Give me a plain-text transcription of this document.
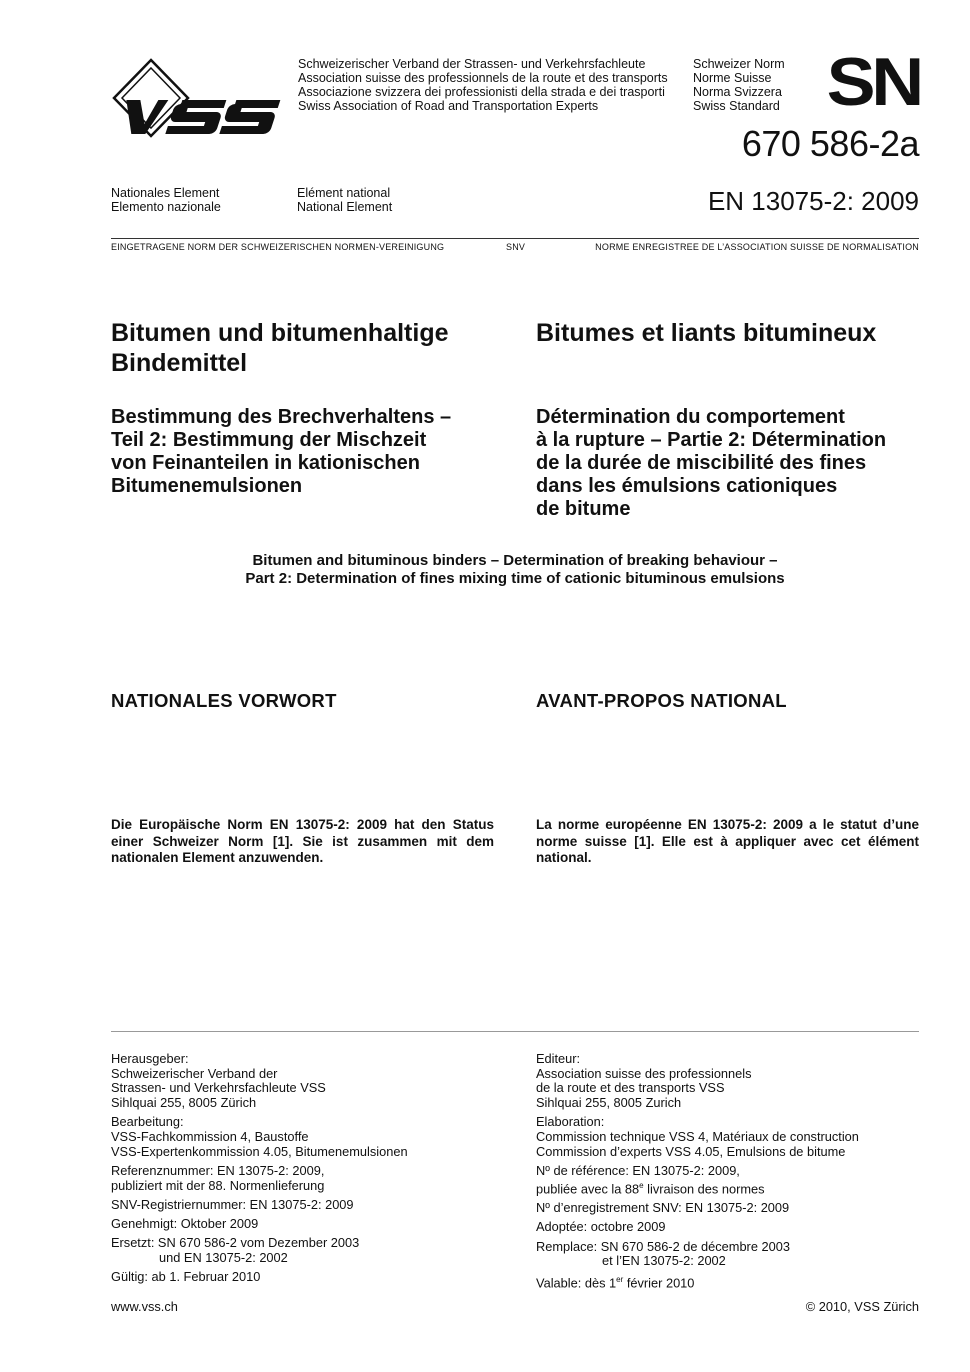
Schweizerischer Verband der Strassen- und Verkehrsfachleute
Association suisse des professionnels de la route et des transports
Associazione svizzera dei professionisti della strada e dei trasporti
Swiss Association of Road and Transportation Experts
Schweizer Norm
Norme Suisse
Norma Svizzera
Swiss Standard SN
670 586-2a
EN 13075-2: 2009
Nationales Element
Elemento nazionale
Elément national
National Element
EINGETRAGENE NORM DER SCHWEIZERISCHEN NORMEN-VEREINIGUNG	SNV	NORME ENREGISTREE DE L’ASSOCIATION SUISSE DE NORMALISATION
Bitumen und bitumenhaltige
Bindemittel
Bestimmung des Brechverhaltens –
Teil 2: Bestimmung der Mischzeit
von Feinanteilen in kationischen
Bitumenemulsionen
Bitumes et liants bitumineux
Détermination du comportement
à la rupture – Partie 2: Détermination
de la durée de miscibilité des fines
dans les émulsions cationiques
de bitume
Bitumen and bituminous binders – Determination of breaking behaviour –
Part 2: Determination of fines mixing time of cationic bituminous emulsions
NATIONALES VORWORT	AVANT-PROPOS NATIONAL
Die Europäische Norm EN 13075-2: 2009 hat den Status einer Schweizer Norm [1]. Sie ist zusammen mit dem nationalen Element anzuwenden.
La norme européenne EN 13075-2: 2009 a le statut d’une norme suisse [1]. Elle est à appliquer avec cet élément national.

Herausgeber:
Schweizerischer Verband der
Strassen- und Verkehrsfachleute VSS
Sihlquai 255, 8005 Zürich

Bearbeitung:
VSS-Fachkommission 4, Baustoffe
VSS-Expertenkommission 4.05, Bitumenemulsionen

Referenznummer: EN 13075-2: 2009,
publiziert mit der 88. Normenlieferung

SNV-Registriernummer: EN 13075-2: 2009

Genehmigt: Oktober 2009

Ersetzt: SN 670 586-2 vom Dezember 2003
und EN 13075-2: 2002

Gültig: ab 1. Februar 2010

Editeur:
Association suisse des professionnels
de la route et des transports VSS
Sihlquai 255, 8005 Zurich

Elaboration:
Commission technique VSS 4, Matériaux de construction
Commission d’experts VSS 4.05, Emulsions de bitume

Nº de référence: EN 13075-2: 2009,
publiée avec la 88e livraison des normes

Nº d’enregistrement SNV: EN 13075-2: 2009

Adoptée: octobre 2009

Remplace: SN 670 586-2 de décembre 2003
et l’EN 13075-2: 2002

Valable: dès 1er février 2010

www.vss.ch	© 2010, VSS Zürich
